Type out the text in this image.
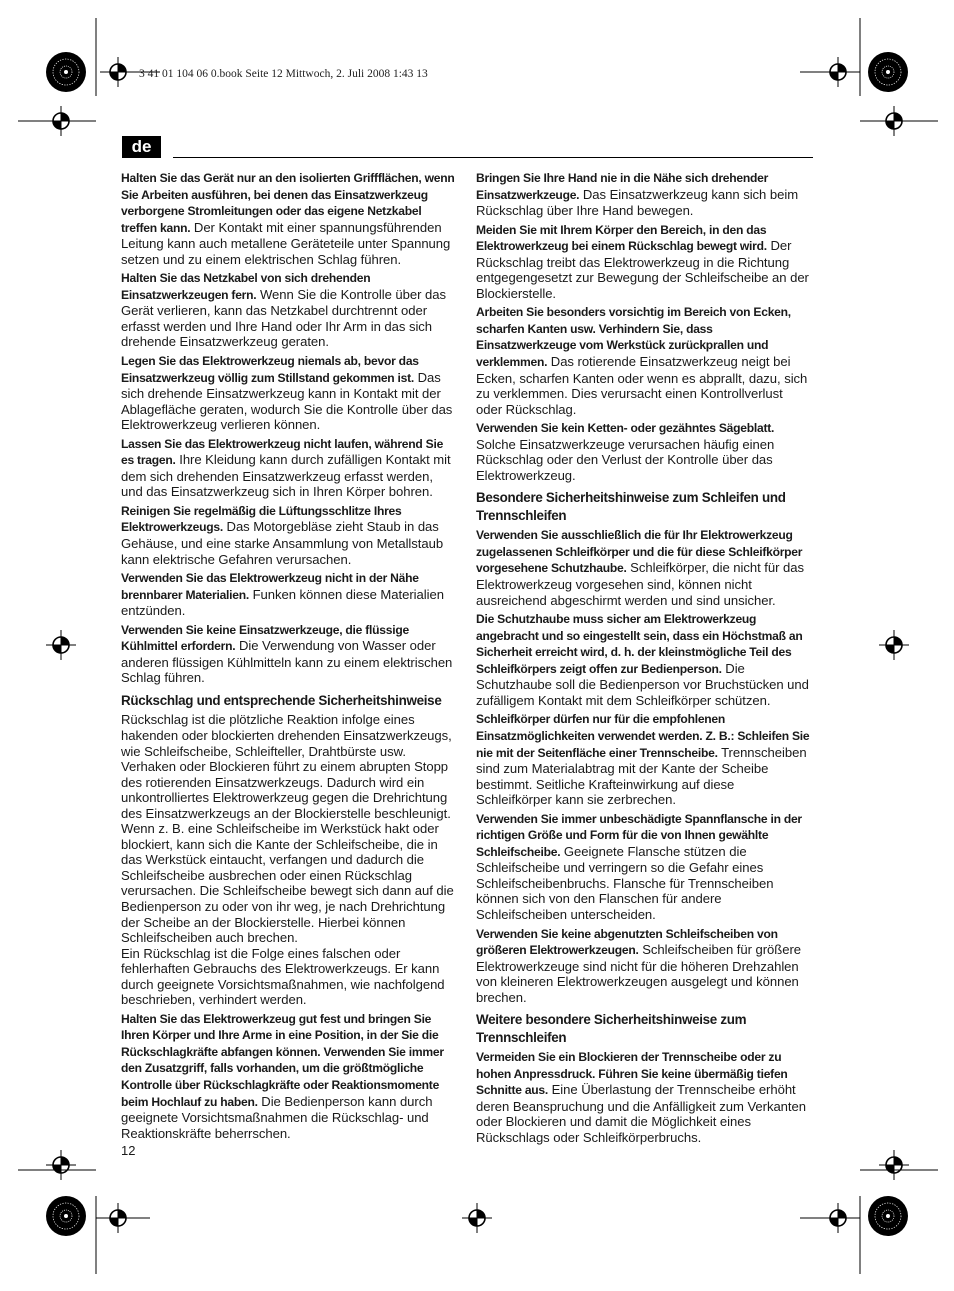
3 41 01 104 06 0.book Seite 12 Mittwoch, 2. Juli 2008 1:43 13
de

Halten Sie das Gerät nur an den isolierten Griffflächen, wenn Sie Arbeiten ausführen, bei denen das Einsatzwerkzeug verborgene Stromleitungen oder das eigene Netzkabel treffen kann. Der Kontakt mit einer spannungsführenden Leitung kann auch metallene Geräteteile unter Spannung setzen und zu einem elektrischen Schlag führen.

Halten Sie das Netzkabel von sich drehenden Einsatzwerkzeugen fern. Wenn Sie die Kontrolle über das Gerät verlieren, kann das Netzkabel durchtrennt oder erfasst werden und Ihre Hand oder Ihr Arm in das sich drehende Einsatzwerkzeug geraten.

Legen Sie das Elektrowerkzeug niemals ab, bevor das Einsatzwerkzeug völlig zum Stillstand gekommen ist. Das sich drehende Einsatzwerkzeug kann in Kontakt mit der Ablagefläche geraten, wodurch Sie die Kontrolle über das Elektrowerkzeug verlieren können.

Lassen Sie das Elektrowerkzeug nicht laufen, während Sie es tragen. Ihre Kleidung kann durch zufälligen Kontakt mit dem sich drehenden Einsatzwerkzeug erfasst werden, und das Einsatzwerkzeug sich in Ihren Körper bohren.

Reinigen Sie regelmäßig die Lüftungsschlitze Ihres Elektrowerkzeugs. Das Motorgebläse zieht Staub in das Gehäuse, und eine starke Ansammlung von Metallstaub kann elektrische Gefahren verursachen.

Verwenden Sie das Elektrowerkzeug nicht in der Nähe brennbarer Materialien. Funken können diese Materialien entzünden.

Verwenden Sie keine Einsatzwerkzeuge, die flüssige Kühlmittel erfordern. Die Verwendung von Wasser oder anderen flüssigen Kühlmitteln kann zu einem elektrischen Schlag führen.

Rückschlag und entsprechende Sicherheitshinweise

Rückschlag ist die plötzliche Reaktion infolge eines hakenden oder blockierten drehenden Einsatzwerkzeugs, wie Schleifscheibe, Schleifteller, Drahtbürste usw. Verhaken oder Blockieren führt zu einem abrupten Stopp des rotierenden Einsatzwerkzeugs. Dadurch wird ein unkontrolliertes Elektrowerkzeug gegen die Drehrichtung des Einsatzwerkzeugs an der Blockierstelle beschleunigt.

Wenn z. B. eine Schleifscheibe im Werkstück hakt oder blockiert, kann sich die Kante der Schleifscheibe, die in das Werkstück eintaucht, verfangen und dadurch die Schleifscheibe ausbrechen oder einen Rückschlag verursachen. Die Schleifscheibe bewegt sich dann auf die Bedienperson zu oder von ihr weg, je nach Drehrichtung der Scheibe an der Blockierstelle. Hierbei können Schleifscheiben auch brechen.

Ein Rückschlag ist die Folge eines falschen oder fehlerhaften Gebrauchs des Elektrowerkzeugs. Er kann durch geeignete Vorsichtsmaßnahmen, wie nachfolgend beschrieben, verhindert werden.

Halten Sie das Elektrowerkzeug gut fest und bringen Sie Ihren Körper und Ihre Arme in eine Position, in der Sie die Rückschlagkräfte abfangen können. Verwenden Sie immer den Zusatzgriff, falls vorhanden, um die größtmögliche Kontrolle über Rückschlagkräfte oder Reaktionsmomente beim Hochlauf zu haben. Die Bedienperson kann durch geeignete Vorsichtsmaßnahmen die Rückschlag- und Reaktionskräfte beherrschen.

Bringen Sie Ihre Hand nie in die Nähe sich drehender Einsatzwerkzeuge. Das Einsatzwerkzeug kann sich beim Rückschlag über Ihre Hand bewegen.

Meiden Sie mit Ihrem Körper den Bereich, in den das Elektrowerkzeug bei einem Rückschlag bewegt wird. Der Rückschlag treibt das Elektrowerkzeug in die Richtung entgegengesetzt zur Bewegung der Schleifscheibe an der Blockierstelle.

Arbeiten Sie besonders vorsichtig im Bereich von Ecken, scharfen Kanten usw. Verhindern Sie, dass Einsatzwerkzeuge vom Werkstück zurückprallen und verklemmen. Das rotierende Einsatzwerkzeug neigt bei Ecken, scharfen Kanten oder wenn es abprallt, dazu, sich zu verklemmen. Dies verursacht einen Kontrollverlust oder Rückschlag.

Verwenden Sie kein Ketten- oder gezähntes Sägeblatt. Solche Einsatzwerkzeuge verursachen häufig einen Rückschlag oder den Verlust der Kontrolle über das Elektrowerkzeug.

Besondere Sicherheitshinweise zum Schleifen und Trennschleifen

Verwenden Sie ausschließlich die für Ihr Elektrowerkzeug zugelassenen Schleifkörper und die für diese Schleifkörper vorgesehene Schutzhaube. Schleifkörper, die nicht für das Elektrowerkzeug vorgesehen sind, können nicht ausreichend abgeschirmt werden und sind unsicher.

Die Schutzhaube muss sicher am Elektrowerkzeug angebracht und so eingestellt sein, dass ein Höchstmaß an Sicherheit erreicht wird, d. h. der kleinstmögliche Teil des Schleifkörpers zeigt offen zur Bedienperson. Die Schutzhaube soll die Bedienperson vor Bruchstücken und zufälligem Kontakt mit dem Schleifkörper schützen.

Schleifkörper dürfen nur für die empfohlenen Einsatzmöglichkeiten verwendet werden. Z. B.: Schleifen Sie nie mit der Seitenfläche einer Trennscheibe. Trennscheiben sind zum Materialabtrag mit der Kante der Scheibe bestimmt. Seitliche Krafteinwirkung auf diese Schleifkörper kann sie zerbrechen.

Verwenden Sie immer unbeschädigte Spannflansche in der richtigen Größe und Form für die von Ihnen gewählte Schleifscheibe. Geeignete Flansche stützen die Schleifscheibe und verringern so die Gefahr eines Schleifscheibenbruchs. Flansche für Trennscheiben können sich von den Flanschen für andere Schleifscheiben unterscheiden.

Verwenden Sie keine abgenutzten Schleifscheiben von größeren Elektrowerkzeugen. Schleifscheiben für größere Elektrowerkzeuge sind nicht für die höheren Drehzahlen von kleineren Elektrowerkzeugen ausgelegt und können brechen.

Weitere besondere Sicherheitshinweise zum Trennschleifen

Vermeiden Sie ein Blockieren der Trennscheibe oder zu hohen Anpressdruck. Führen Sie keine übermäßig tiefen Schnitte aus. Eine Überlastung der Trennscheibe erhöht deren Beanspruchung und die Anfälligkeit zum Verkanten oder Blockieren und damit die Möglichkeit eines Rückschlags oder Schleifkörperbruchs.

12
